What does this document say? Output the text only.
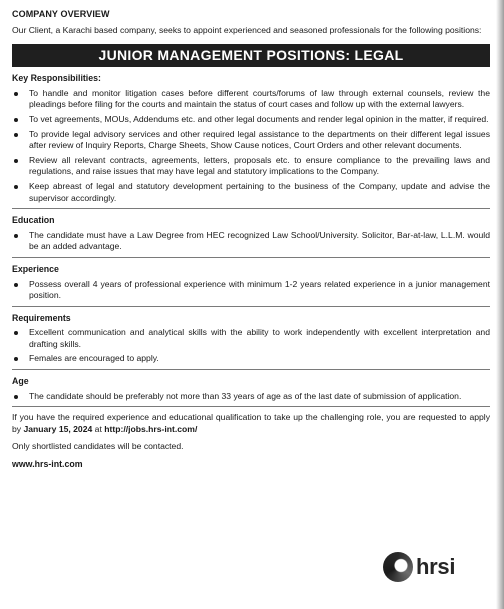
COMPANY OVERVIEW
Our Client, a Karachi based company, seeks to appoint experienced and seasoned professionals for the following positions:
JUNIOR MANAGEMENT POSITIONS: LEGAL
Key Responsibilities:
To handle and monitor litigation cases before different courts/forums of law through external counsels, review the pleadings before filing for the courts and maintain the status of court cases and follow up with the external lawyers.
To vet agreements, MOUs, Addendums etc. and other legal documents and render legal opinion in the matter, if required.
To provide legal advisory services and other required legal assistance to the departments on their different legal issues after review of Inquiry Reports, Charge Sheets, Show Cause notices, Court Orders and other relevant documents.
Review all relevant contracts, agreements, letters, proposals etc. to ensure compliance to the prevailing laws and regulations, and raise issues that may have legal and statutory implications to the Company.
Keep abreast of legal and statutory development pertaining to the business of the Company, update and advise the supervisor accordingly.
Education
The candidate must have a Law Degree from HEC recognized Law School/University. Solicitor, Bar-at-law, L.L.M. would be an added advantage.
Experience
Possess overall 4 years of professional experience with minimum 1-2 years related experience in a junior management position.
Requirements
Excellent communication and analytical skills with the ability to work independently with excellent interpretation and drafting skills.
Females are encouraged to apply.
Age
The candidate should be preferably not more than 33 years of age as of the last date of submission of application.
If you have the required experience and educational qualification to take up the challenging role, you are requested to apply by January 15, 2024 at http://jobs.hrs-int.com/
Only shortlisted candidates will be contacted.
www.hrs-int.com
hrsi
